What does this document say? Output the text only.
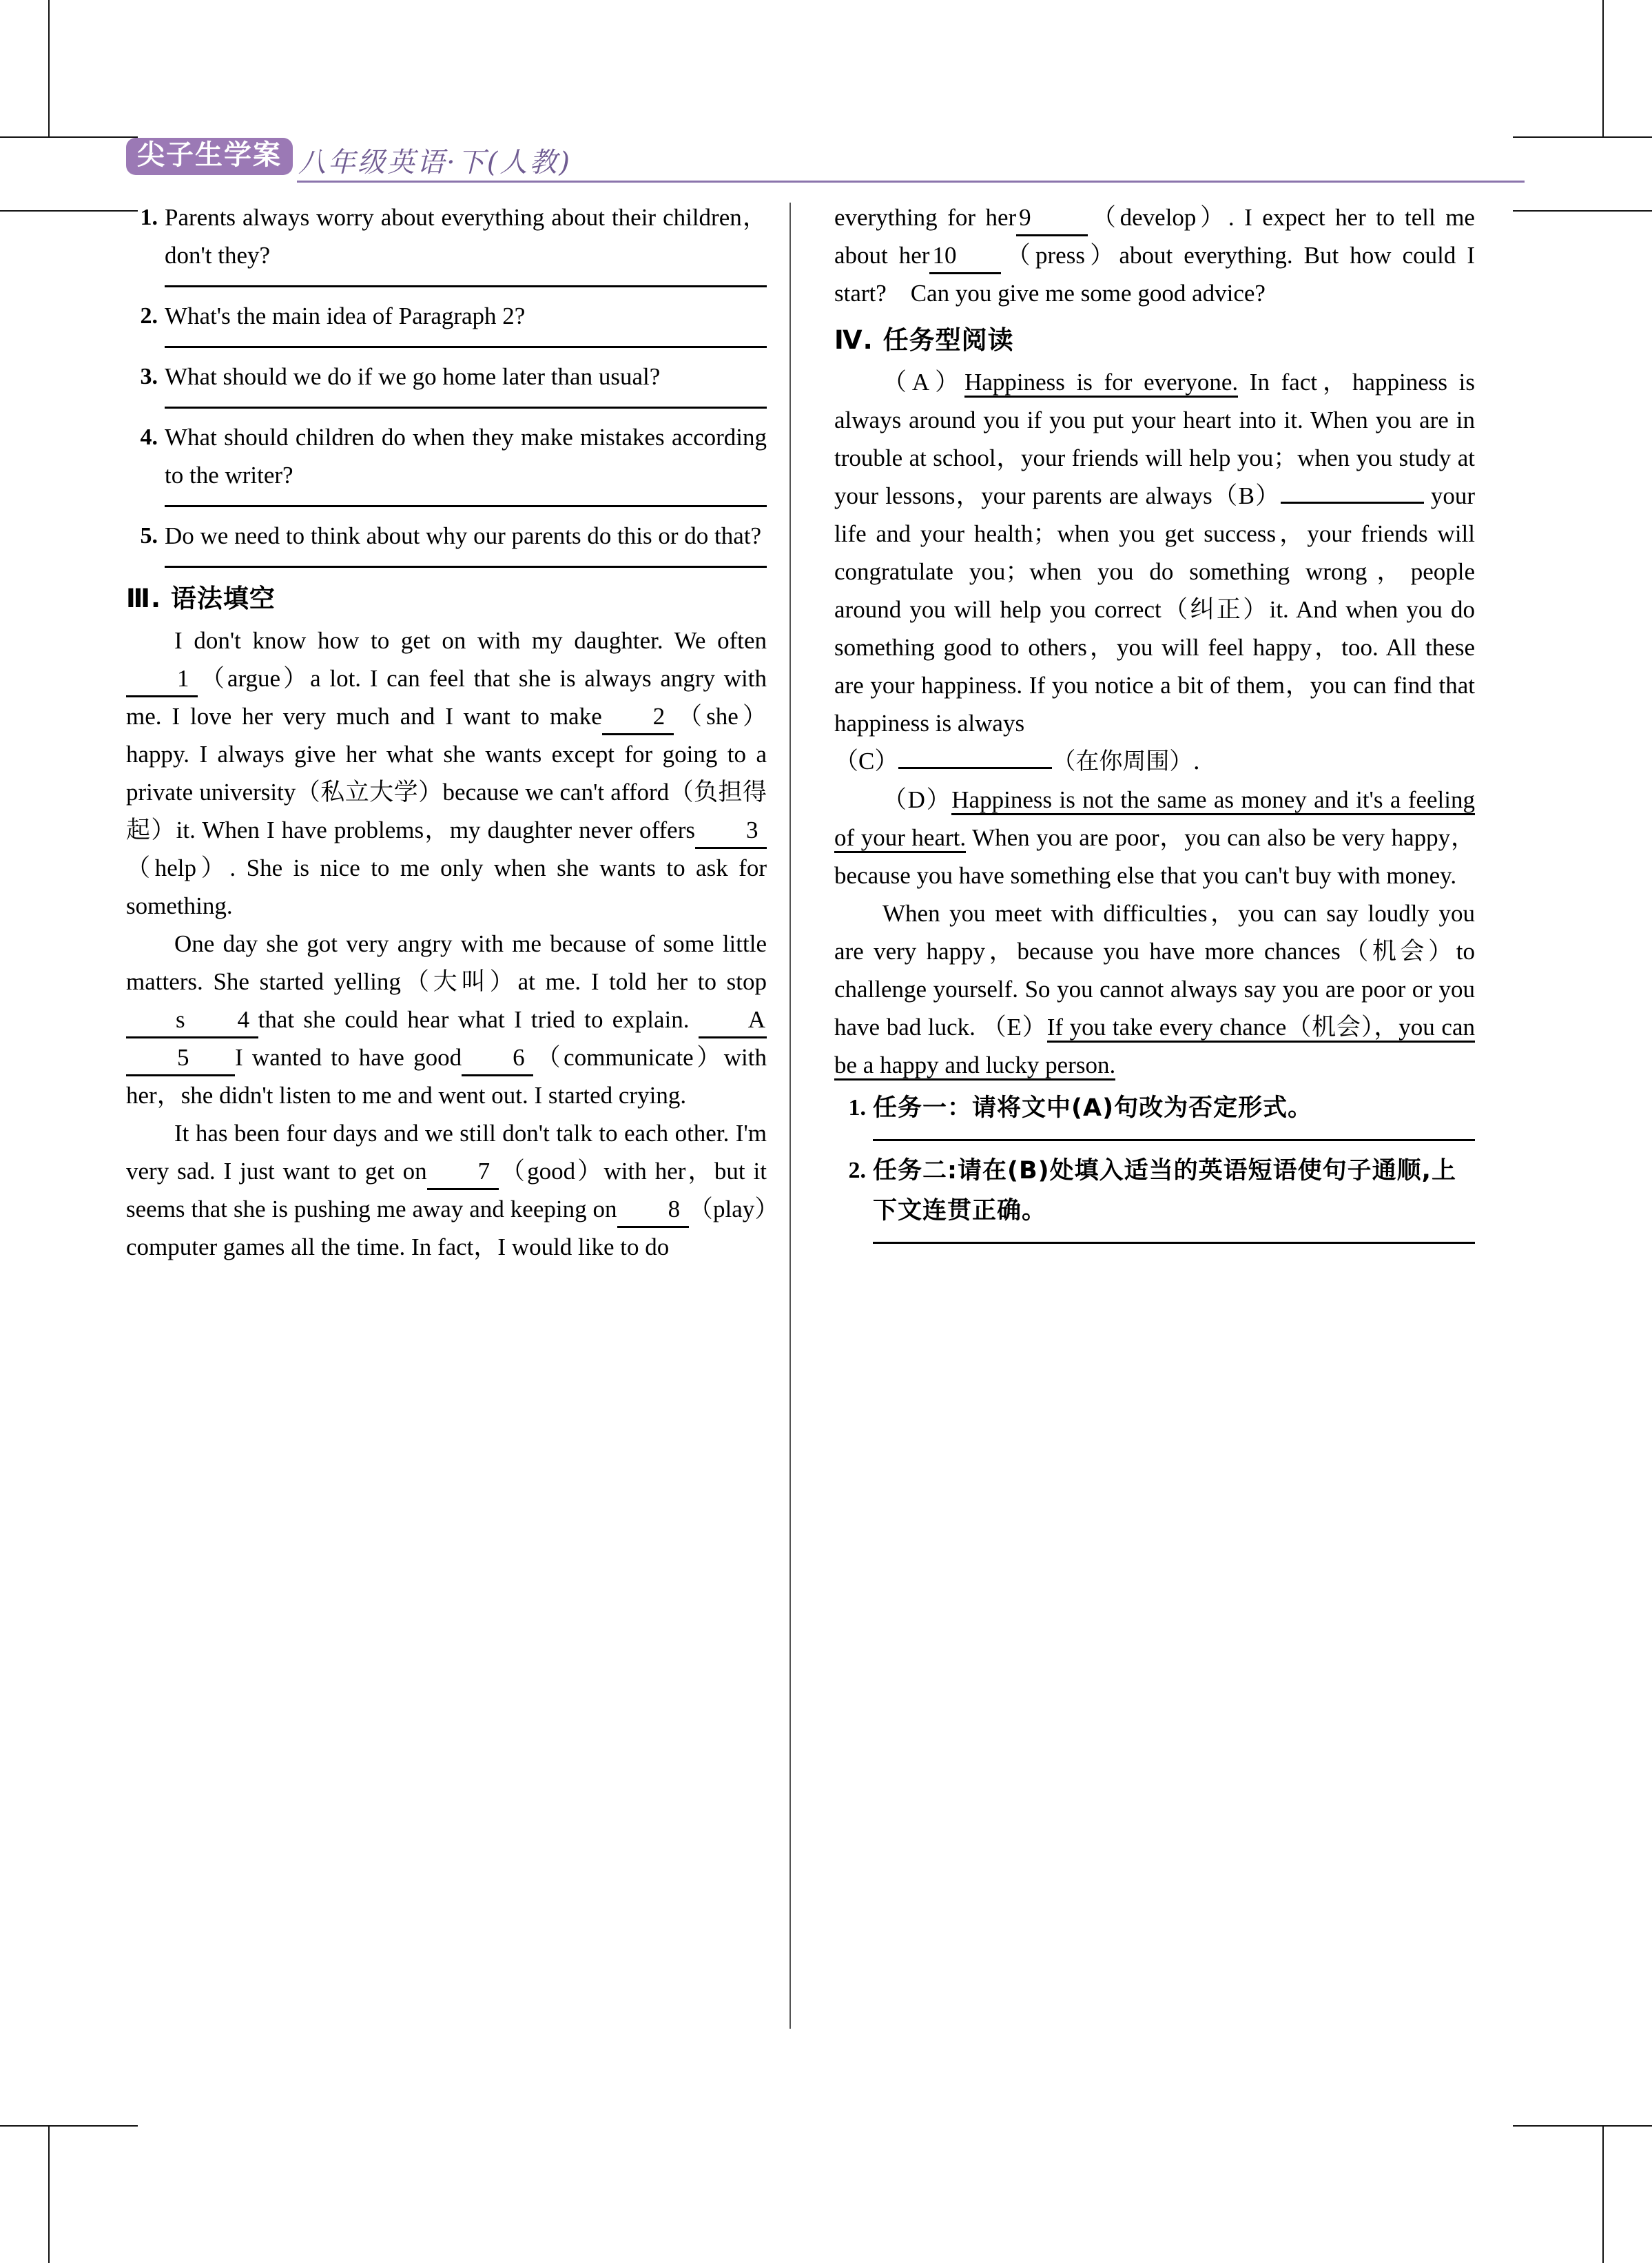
尖子生学案 八年级英语·下(人教)
1. Parents always worry about everything about their children，don't they?
2. What's the main idea of Paragraph 2?
3. What should we do if we go home later than usual?
4. What should children do when they make mistakes according to the writer?
5. Do we need to think about why our parents do this or do that?
Ⅲ. 语法填空

I don't know how to get on with my daughter. We often1 （argue）a lot. I can feel that she is always angry with me. I love her very much and I want to make 2 （she）happy. I always give her what she wants except for going to a private university（私立大学）because we can't afford（负担得起）it. When I have problems，my daughter never offers 3（help）. She is nice to me only when she wants to ask for something.

One day she got very angry with me because of some little matters. She started yelling（大叫）at me. I told her to stops 4 that she could hear what I tried to explain. A5 I wanted to have good 6 （communicate）with her，she didn't listen to me and went out. I started crying.

It has been four days and we still don't talk to each other. I'm very sad. I just want to get on 7 （good）with her，but it seems that she is pushing me away and keeping on 8 （play）computer games all the time. In fact，I would like to do

everything for her 9 （develop）. I expect her to tell me about her 10 （press）about everything. But how could I start?　Can you give me some good advice?

Ⅳ. 任务型阅读

（A）Happiness is for everyone. In fact，happiness is always around you if you put your heart into it. When you are in trouble at school，your friends will help you；when you study at your lessons，your parents are always（B）	your life and your health；when you get success，your friends will congratulate you；when you do something wrong，people around you will help you correct（纠正）it. And when you do something good to others，you will feel happy，too. All these are your happiness. If you notice a bit of them，you can find that happiness is always
（C）	（在你周围）.

（D）Happiness is not the same as money and it's a feeling of your heart. When you are poor，you can also be very happy，because you have something else that you can't buy with money.

When you meet with difficulties，you can say loudly you are very happy，because you have more chances（机会）to challenge yourself. So you cannot always say you are poor or you have bad luck. （E）If you take every chance（机会），you can be a happy and lucky person.

1. 任务一：请将文中(A)句改为否定形式。
2. 任务二:请在(B)处填入适当的英语短语使句子通顺,上下文连贯正确。
